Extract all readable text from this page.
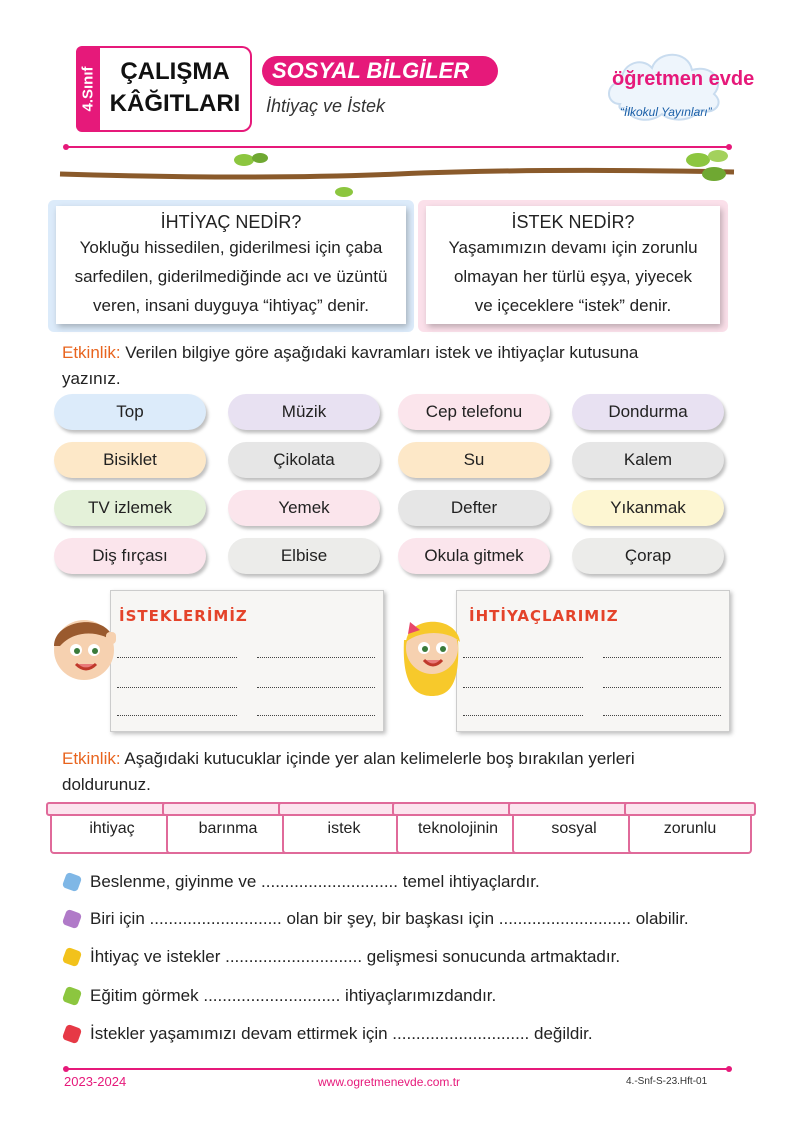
4.Sınıf ÇALIŞMA
KÂĞITLARI
SOSYAL BİLGİLER
İhtiyaç ve İstek
öğretmen evde
“İlkokul Yayınları”
İHTİYAÇ NEDİR?
Yokluğu hissedilen, giderilmesi için çaba
sarfedilen, giderilmediğinde acı ve üzüntü
veren, insani duyguya “ihtiyaç” denir.
İSTEK NEDİR?
Yaşamımızın devamı için zorunlu
olmayan her türlü eşya, yiyecek
ve içeceklere “istek” denir.
Etkinlik: Verilen bilgiye göre aşağıdaki kavramları istek ve ihtiyaçlar kutusuna
yazınız.
Top	Müzik	Cep telefonu	Dondurma
Bisiklet	Çikolata	Su	Kalem
TV izlemek	Yemek	Defter	Yıkanmak
Diş fırçası	Elbise	Okula gitmek	Çorap
İSTEKLERİMİZ	İHTİYAÇLARIMIZ
Etkinlik: Aşağıdaki kutucuklar içinde yer alan kelimelerle boş bırakılan yerleri
doldurunuz.
ihtiyaç	barınma	istek	teknolojinin	sosyal	zorunlu
Beslenme, giyinme ve ............................. temel ihtiyaçlardır.
Biri için ............................ olan bir şey, bir başkası için ............................ olabilir.
İhtiyaç ve istekler ............................. gelişmesi sonucunda artmaktadır.
Eğitim görmek ............................. ihtiyaçlarımızdandır.
İstekler yaşamımızı devam ettirmek için ............................. değildir.
2023-2024	www.ogretmenevde.com.tr	4.-Snf-S-23.Hft-01
